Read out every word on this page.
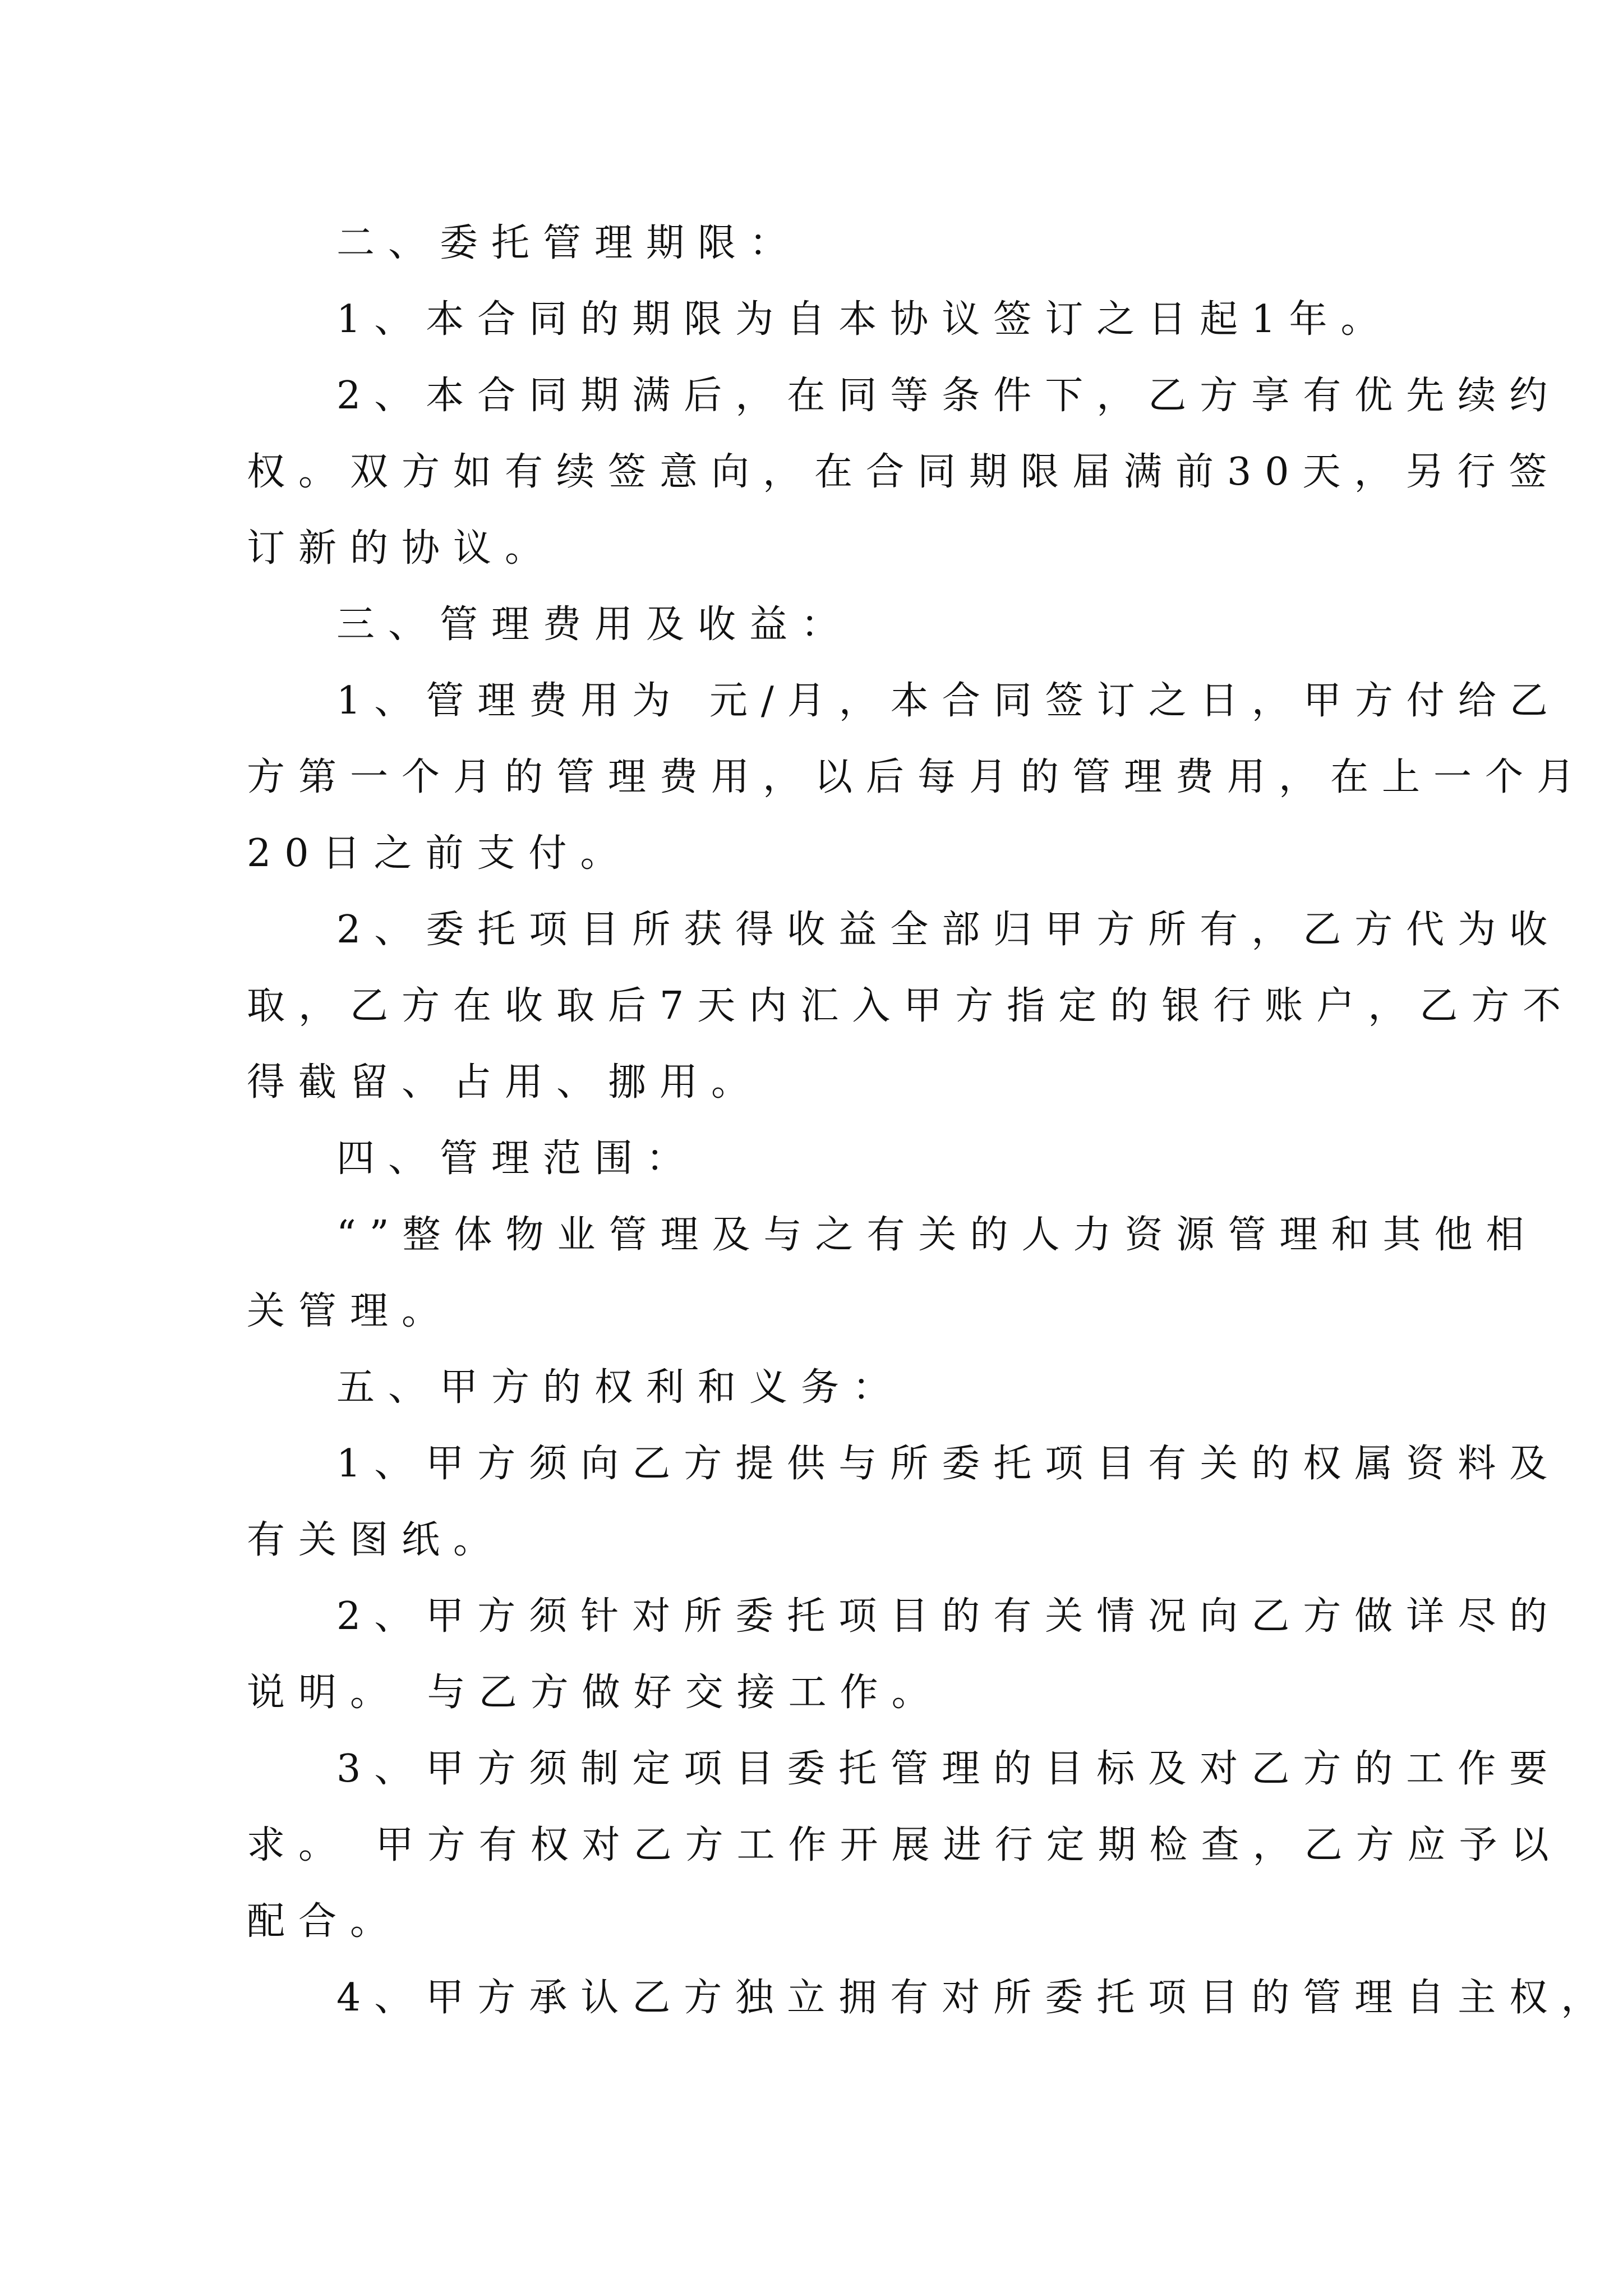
二、委托管理期限：

1、本合同的期限为自本协议签订之日起1年。

2、本合同期满后，在同等条件下，乙方享有优先续约

权。双方如有续签意向，在合同期限届满前30天，另行签

订新的协议。

三、管理费用及收益：

1、管理费用为 元/月，本合同签订之日，甲方付给乙

方第一个月的管理费用，以后每月的管理费用，在上一个月

20日之前支付。

2、委托项目所获得收益全部归甲方所有，乙方代为收

取，乙方在收取后7天内汇入甲方指定的银行账户，乙方不

得截留、占用、挪用。

四、管理范围：

“”整体物业管理及与之有关的人力资源管理和其他相

关管理。

五、甲方的权利和义务：

1、甲方须向乙方提供与所委托项目有关的权属资料及

有关图纸。

2、甲方须针对所委托项目的有关情况向乙方做详尽的

说明。 与乙方做好交接工作。

3、甲方须制定项目委托管理的目标及对乙方的工作要

求。 甲方有权对乙方工作开展进行定期检查，乙方应予以

配合。

4、甲方承认乙方独立拥有对所委托项目的管理自主权，
